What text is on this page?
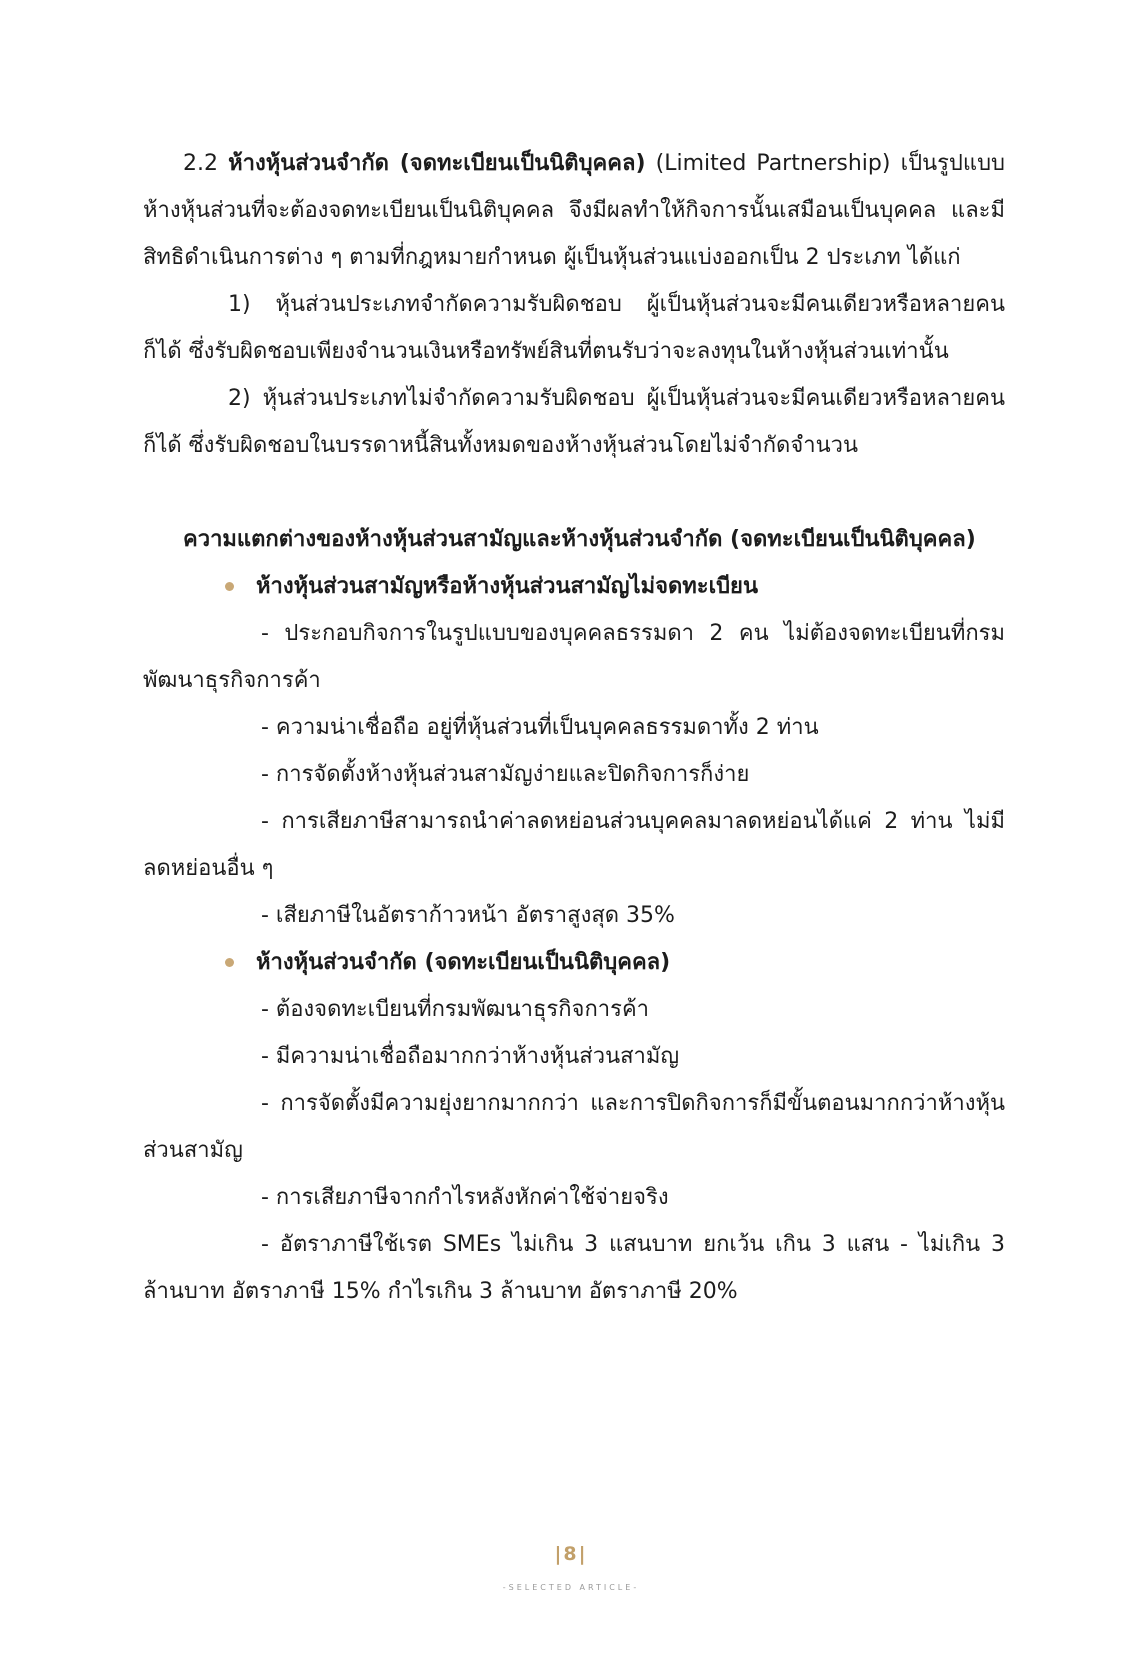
2.2 ห้างหุ้นส่วนจำกัด (จดทะเบียนเป็นนิติบุคคล) (Limited Partnership) เป็นรูปแบบห้างหุ้นส่วนที่จะต้องจดทะเบียนเป็นนิติบุคคล จึงมีผลทำให้กิจการนั้นเสมือนเป็นบุคคล และมีสิทธิดำเนินการต่าง ๆ ตามที่กฎหมายกำหนด ผู้เป็นหุ้นส่วนแบ่งออกเป็น 2 ประเภท ได้แก่

1) หุ้นส่วนประเภทจำกัดความรับผิดชอบ ผู้เป็นหุ้นส่วนจะมีคนเดียวหรือหลายคนก็ได้ ซึ่งรับผิดชอบเพียงจำนวนเงินหรือทรัพย์สินที่ตนรับว่าจะลงทุนในห้างหุ้นส่วนเท่านั้น

2) หุ้นส่วนประเภทไม่จำกัดความรับผิดชอบ ผู้เป็นหุ้นส่วนจะมีคนเดียวหรือหลายคนก็ได้ ซึ่งรับผิดชอบในบรรดาหนี้สินทั้งหมดของห้างหุ้นส่วนโดยไม่จำกัดจำนวน

ความแตกต่างของห้างหุ้นส่วนสามัญและห้างหุ้นส่วนจำกัด (จดทะเบียนเป็นนิติบุคคล)

ห้างหุ้นส่วนสามัญหรือห้างหุ้นส่วนสามัญไม่จดทะเบียน

- ประกอบกิจการในรูปแบบของบุคคลธรรมดา 2 คน ไม่ต้องจดทะเบียนที่กรมพัฒนาธุรกิจการค้า

- ความน่าเชื่อถือ อยู่ที่หุ้นส่วนที่เป็นบุคคลธรรมดาทั้ง 2 ท่าน

- การจัดตั้งห้างหุ้นส่วนสามัญง่ายและปิดกิจการก็ง่าย

- การเสียภาษีสามารถนำค่าลดหย่อนส่วนบุคคลมาลดหย่อนได้แค่ 2 ท่าน ไม่มีลดหย่อนอื่น ๆ

- เสียภาษีในอัตราก้าวหน้า อัตราสูงสุด 35%

ห้างหุ้นส่วนจำกัด (จดทะเบียนเป็นนิติบุคคล)

- ต้องจดทะเบียนที่กรมพัฒนาธุรกิจการค้า

- มีความน่าเชื่อถือมากกว่าห้างหุ้นส่วนสามัญ

- การจัดตั้งมีความยุ่งยากมากกว่า และการปิดกิจการก็มีขั้นตอนมากกว่าห้างหุ้นส่วนสามัญ

- การเสียภาษีจากกำไรหลังหักค่าใช้จ่ายจริง

- อัตราภาษีใช้เรต SMEs ไม่เกิน 3 แสนบาท ยกเว้น เกิน 3 แสน - ไม่เกิน 3 ล้านบาท อัตราภาษี 15% กำไรเกิน 3 ล้านบาท อัตราภาษี 20%

|8|
-SELECTED ARTICLE-
